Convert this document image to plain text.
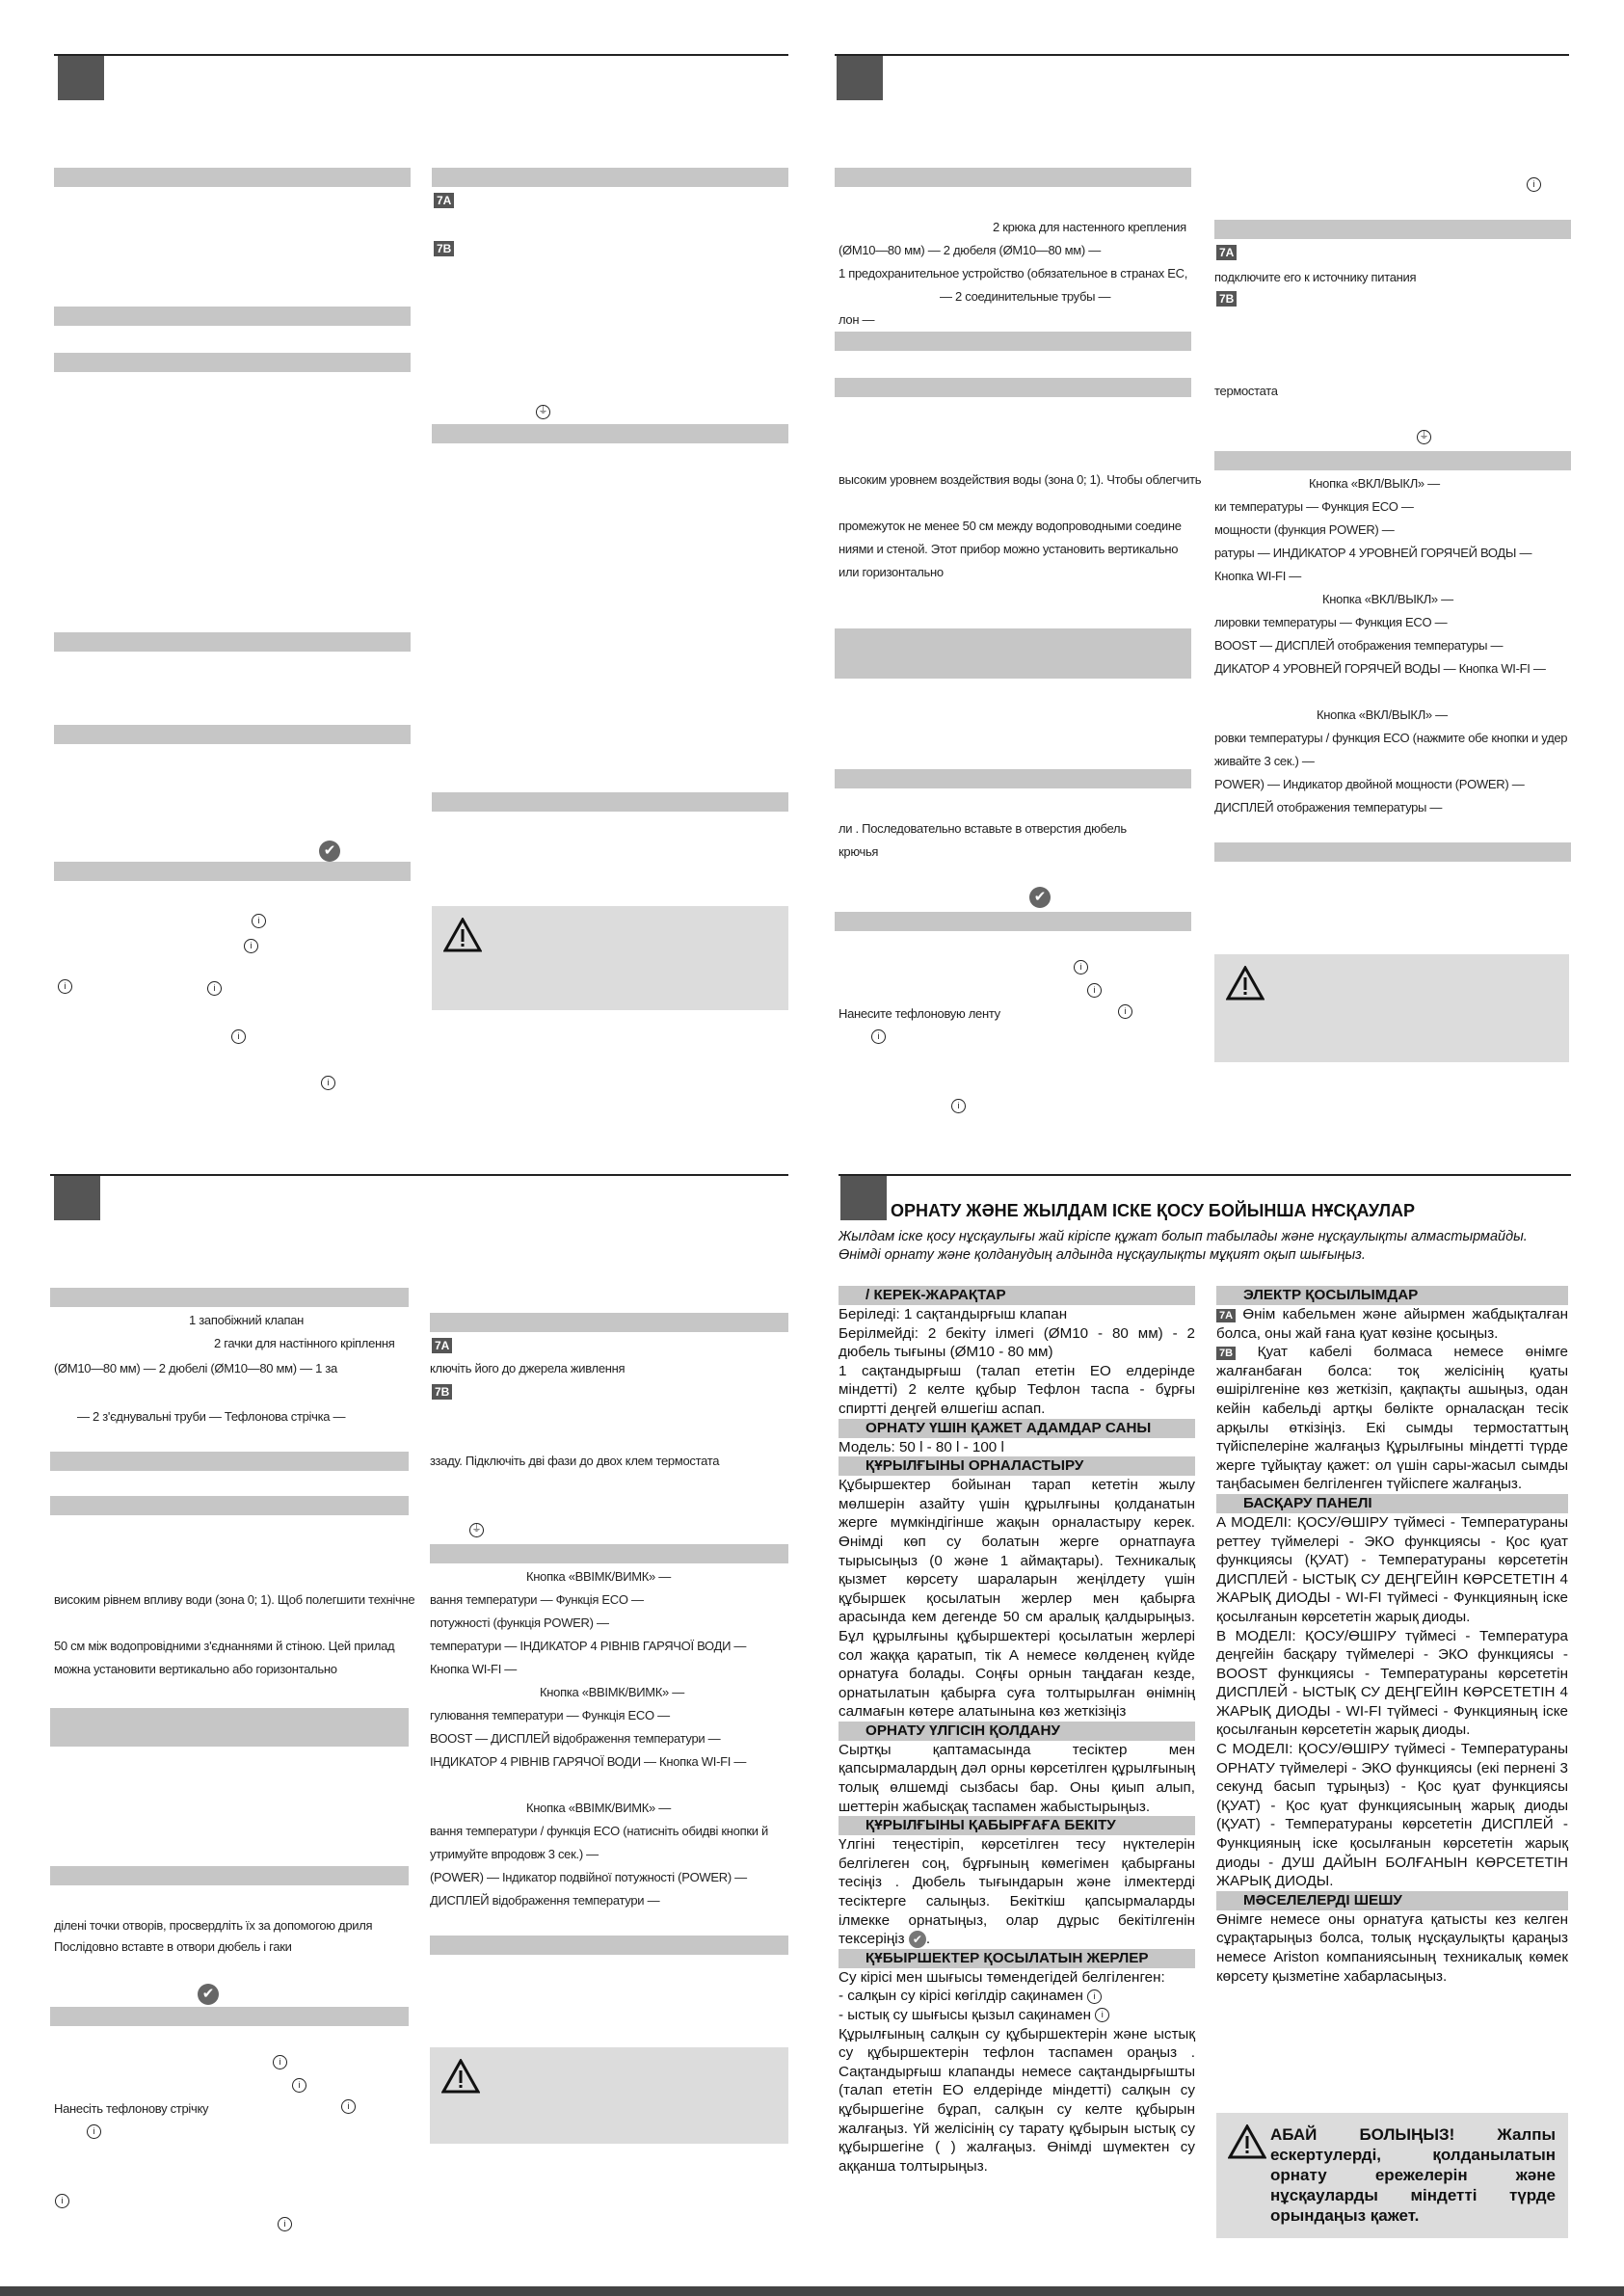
✔
i
i
i	i
i
i
7A
7B
⏚
2 крюка для настенного крепления
(ØМ10—80 мм) — 2 дюбеля (ØМ10—80 мм) —
1 предохранительное устройство (обязательное в странах ЕС,
— 2 соединительные трубы —
лон —
высоким уровнем воздействия воды (зона 0; 1). Чтобы облегчить
промежуток не менее 50 см между водопроводными соедине
ниями и стеной. Этот прибор можно установить вертикально
или горизонтально
ли . Последовательно вставьте в отверстия дюбель
крючья
✔
i
i
Нанесите тефлоновую ленту	i
i
i
i
7A
подключите его к источнику питания
7B
термостата
⏚
Кнопка «ВКЛ/ВЫКЛ» —
ки температуры — Функция ECO —
мощности (функция POWER) —
ратуры — ИНДИКАТОР 4 УРОВНЕЙ ГОРЯЧЕЙ ВОДЫ —
Кнопка WI-FI —
Кнопка «ВКЛ/ВЫКЛ» —
лировки температуры — Функция ECO —
BOOST — ДИСПЛЕЙ отображения температуры —
ДИКАТОР 4 УРОВНЕЙ ГОРЯЧЕЙ ВОДЫ — Кнопка WI-FI —
Кнопка «ВКЛ/ВЫКЛ» —
ровки температуры / функция ECO (нажмите обе кнопки и удер
живайте 3 сек.) —
POWER) — Индикатор двойной мощности (POWER) —
ДИСПЛЕЙ отображения температуры —
1 запобіжний клапан
2 гачки для настінного кріплення
(ØМ10—80 мм) — 2 дюбелі (ØМ10—80 мм) — 1 за
— 2 з'єднувальні труби — Тефлонова стрічка —
високим рівнем впливу води (зона 0; 1). Щоб полегшити технічне
50 см між водопровідними з'єднаннями й стіною. Цей прилад
можна установити вертикально або горизонтально
ділені точки отворів, просвердліть їх за допомогою дриля
Послідовно вставте в отвори дюбель і гаки
✔
i
i
Нанесіть тефлонову стрічку	i
i
i
i
7A
ключіть його до джерела живлення
7B
ззаду. Підключіть дві фази до двох клем термостата
⏚
Кнопка «ВВІМК/ВИМК» —
вання температури — Функція ECO —
потужності (функція POWER) —
температури — ІНДИКАТОР 4 РІВНІВ ГАРЯЧОЇ ВОДИ —
Кнопка WI-FI —
Кнопка «ВВІМК/ВИМК» —
гулювання температури — Функція ECO —
BOOST — ДИСПЛЕЙ відображення температури —
ІНДИКАТОР 4 РІВНІВ ГАРЯЧОЇ ВОДИ — Кнопка WI-FI —
Кнопка «ВВІМК/ВИМК» —
вання температури / функція ECO (натисніть обидві кнопки й
утримуйте впродовж 3 сек.) —
(POWER) — Індикатор подвійної потужності (POWER) —
ДИСПЛЕЙ відображення температури —
ОРНАТУ ЖӘНЕ ЖЫЛДАМ ІСКЕ ҚОСУ БОЙЫНША НҰСҚАУЛАР
Жылдам іске қосу нұсқаулығы жай кіріспе құжат болып табылады және нұсқаулықты алмастырмайды. Өнімді орнату және қолданудың алдында нұсқаулықты мұқият оқып шығыңыз.

/ КЕРЕК-ЖАРАҚТАР

Беріледі: 1 сақтандырғыш клапан

Берілмейді: 2 бекіту ілмегі (ØМ10 - 80 мм) - 2 дюбель тығыны (ØМ10 - 80 мм)

1 сақтандырғыш (талап ететін ЕО елдерінде міндетті) 2 келте құбыр Тефлон таспа - бұрғы спиртті деңгей өлшегіш аспап.

ОРНАТУ ҮШІН ҚАЖЕТ АДАМДАР САНЫ

Модель: 50 l - 80 l - 100 l

ҚҰРЫЛҒЫНЫ ОРНАЛАСТЫРУ

Құбыршектер бойынан тарап кететін жылу мөлшерін азайту үшін құрылғыны қолданатын жерге мүмкіндігінше жақын орналастыру керек. Өнімді көп су болатын жерге орнатпауға тырысыңыз (0 және 1 аймақтары). Техникалық қызмет көрсету шараларын жеңілдету үшін құбыршек қосылатын жерлер мен қабырға арасында кем дегенде 50 см аралық қалдырыңыз. Бұл құрылғыны құбыршектері қосылатын жерлері сол жаққа қаратып, тік А немесе көлденең күйде орнатуға болады. Соңғы орнын таңдаған кезде, орнатылатын қабырға суға толтырылған өнімнің салмағын көтере алатынына көз жеткізіңіз

ОРНАТУ ҮЛГІСІН ҚОЛДАНУ

Сыртқы қаптамасында тесіктер мен қапсырмалардың дәл орны көрсетілген құрылғының толық өлшемді сызбасы бар. Оны қиып алып, шеттерін жабысқақ таспамен жабыстырыңыз.

ҚҰРЫЛҒЫНЫ ҚАБЫРҒАҒА БЕКІТУ

Үлгіні теңестіріп, көрсетілген тесу нүктелерін белгілеген соң, бұрғының көмегімен қабырғаны тесіңіз . Дюбель тығындарын және ілмектерді тесіктерге салыңыз. Бекіткіш қапсырмаларды ілмекке орнатыңыз, олар дұрыс бекітілгенін тексеріңіз ✔ .

ҚҰБЫРШЕКТЕР ҚОСЫЛАТЫН ЖЕРЛЕР

Су кірісі мен шығысы төмендегідей белгіленген:

- салқын су кірісі көгілдір сақинамен i

- ыстық су шығысы қызыл сақинамен i

Құрылғының салқын су құбыршектерін және ыстық су құбыршектерін тефлон таспамен ораңыз . Сақтандырғыш клапанды немесе сақтандырғышты (талап ететін ЕО елдерінде міндетті) салқын су құбыршегіне бұрап, салқын су келте құбырын жалғаңыз. Үй желісінің су тарату құбырын ыстық су құбыршегіне ( ) жалғаңыз. Өнімді шүмектен су аққанша толтырыңыз.

ЭЛЕКТР ҚОСЫЛЫМДАР

7A Өнім кабельмен және айырмен жабдықталған болса, оны жай ғана қуат көзіне қосыңыз.

7B Қуат кабелі болмаса немесе өнімге жалғанбаған болса: тоқ желісінің қуаты өшірілгеніне көз жеткізіп, қақпақты ашыңыз, одан кейін кабельді артқы бөлікте орналасқан тесік арқылы өткізіңіз. Екі сымды термостаттың түйіспелеріне жалғаңыз Құрылғыны міндетті түрде жерге тұйықтау қажет: ол үшін сары-жасыл сымды таңбасымен белгіленген түйіспеге жалғаңыз.

БАСҚАРУ ПАНЕЛІ

A МОДЕЛІ: ҚОСУ/ӨШІРУ түймесі - Температураны реттеу түймелері - ЭКО функциясы - Қос қуат функциясы (ҚУАТ) - Температураны көрсететін ДИСПЛЕЙ - ЫСТЫҚ СУ ДЕҢГЕЙІН КӨРСЕТЕТІН 4 ЖАРЫҚ ДИОДЫ - WI-FI түймесі - Функцияның іске қосылғанын көрсететін жарық диоды.

B МОДЕЛІ: ҚОСУ/ӨШІРУ түймесі - Температура деңгейін басқару түймелері - ЭКО функциясы - BOOST функциясы - Температураны көрсететін ДИСПЛЕЙ - ЫСТЫҚ СУ ДЕҢГЕЙІН КӨРСЕТЕТІН 4 ЖАРЫҚ ДИОДЫ - WI-FI түймесі - Функцияның іске қосылғанын көрсететін жарық диоды.

C МОДЕЛІ: ҚОСУ/ӨШІРУ түймесі - Температураны ОРНАТУ түймелері - ЭКО функциясы (екі пернені 3 секунд басып тұрыңыз) - Қос қуат функциясы (ҚУАТ) - Қос қуат функциясының жарық диоды (ҚУАТ) - Температураны көрсететін ДИСПЛЕЙ - Функцияның іске қосылғанын көрсететін жарық диоды - ДУШ ДАЙЫН БОЛҒАНЫН КӨРСЕТЕТІН ЖАРЫҚ ДИОДЫ.

МӘСЕЛЕЛЕРДІ ШЕШУ

Өнімге немесе оны орнатуға қатысты кез келген сұрақтарыңыз болса, толық нұсқаулықты қараңыз немесе Ariston компаниясының техникалық көмек көрсету қызметіне хабарласыңыз.

АБАЙ БОЛЫҢЫЗ! Жалпы ескертулерді, қолданылатын орнату ережелерін және нұсқауларды міндетті түрде орындаңыз қажет.
